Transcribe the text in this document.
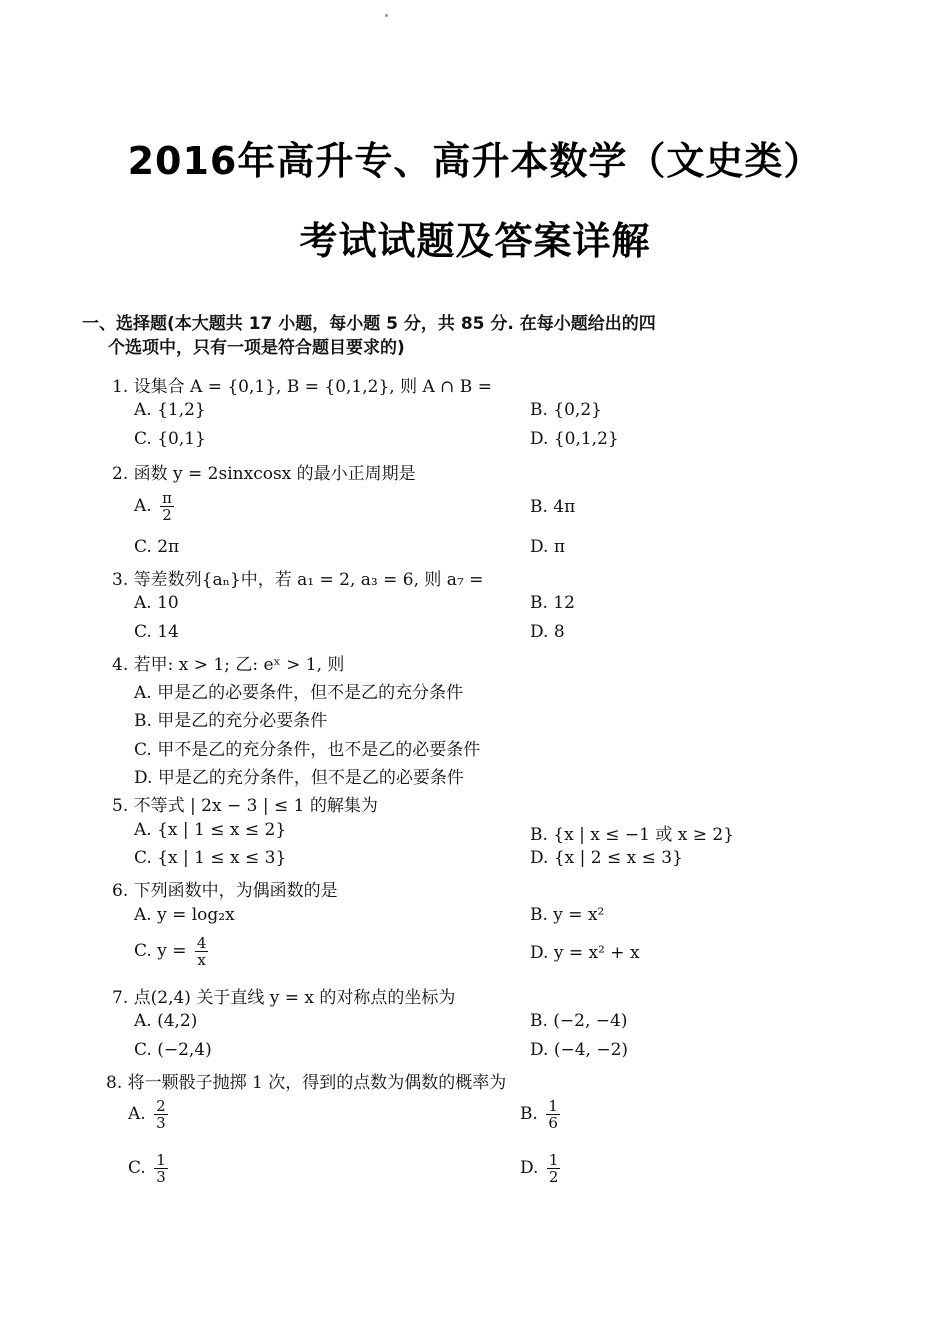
2016年高升专、高升本数学（文史类）
考试试题及答案详解
一、选择题(本大题共 17 小题，每小题 5 分，共 85 分. 在每小题给出的四
个选项中，只有一项是符合题目要求的)
1. 设集合 A = {0,1}, B = {0,1,2}, 则 A ∩ B =
A. {1,2}	B. {0,2}
C. {0,1}	D. {0,1,2}
2. 函数 y = 2sinxcosx 的最小正周期是
A. $\frac{\pi}{2}$	B. 4π
C. 2π	D. π
3. 等差数列{aₙ}中，若 a₁ = 2, a₃ = 6, 则 a₇ =
A. 10	B. 12
C. 14	D. 8
4. 若甲: x > 1; 乙: eˣ > 1, 则
A. 甲是乙的必要条件，但不是乙的充分条件
B. 甲是乙的充分必要条件
C. 甲不是乙的充分条件，也不是乙的必要条件
D. 甲是乙的充分条件，但不是乙的必要条件
5. 不等式 | 2x − 3 | ≤ 1 的解集为
A. {x | 1 ≤ x ≤ 2}	B. {x | x ≤ −1 或 x ≥ 2}
C. {x | 1 ≤ x ≤ 3}	D. {x | 2 ≤ x ≤ 3}
6. 下列函数中，为偶函数的是
A. y = log₂x	B. y = x²
C. $y = \frac{4}{x}$	D. y = x² + x
7. 点(2,4) 关于直线 y = x 的对称点的坐标为
A. (4,2)	B. (−2, −4)
C. (−2,4)	D. (−4, −2)
8. 将一颗骰子抛掷 1 次，得到的点数为偶数的概率为
A. $\frac{2}{3}$	B. $\frac{1}{6}$
C. $\frac{1}{3}$	D. $\frac{1}{2}$
